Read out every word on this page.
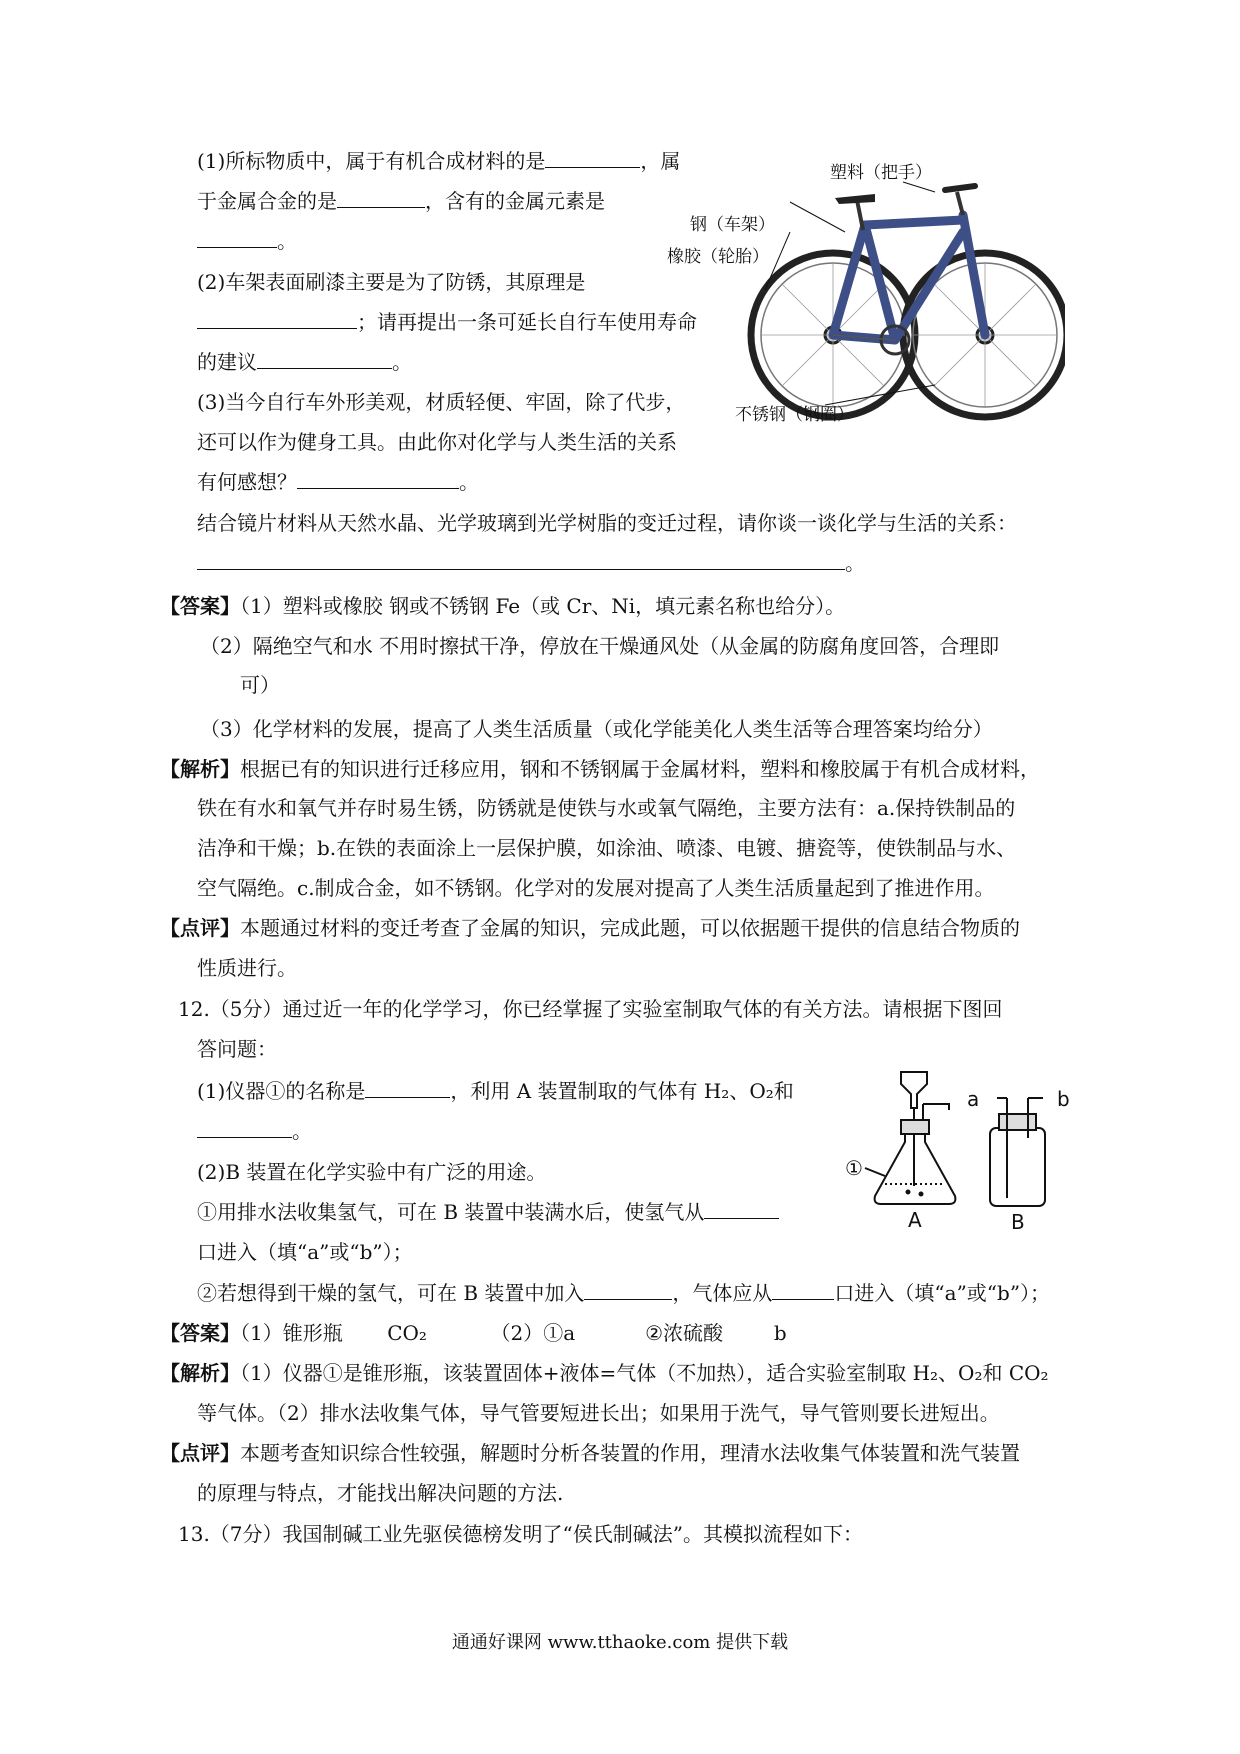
(1)所标物质中，属于有机合成材料的是	，属
于金属合金的是	，含有的金属元素是
。
(2)车架表面刷漆主要是为了防锈，其原理是
；请再提出一条可延长自行车使用寿命
的建议	。
(3)当今自行车外形美观，材质轻便、牢固，除了代步，
还可以作为健身工具。由此你对化学与人类生活的关系
有何感想？	。
结合镜片材料从天然水晶、光学玻璃到光学树脂的变迁过程，请你谈一谈化学与生活的关系：
。
塑料（把手）
钢（车架）
橡胶（轮胎）
不锈钢（钢圈）
【答案】（1）塑料或橡胶 钢或不锈钢 Fe（或 Cr、Ni，填元素名称也给分）。
（2）隔绝空气和水 不用时擦拭干净，停放在干燥通风处（从金属的防腐角度回答，合理即
可）
（3）化学材料的发展，提高了人类生活质量（或化学能美化人类生活等合理答案均给分）
【解析】根据已有的知识进行迁移应用，钢和不锈钢属于金属材料，塑料和橡胶属于有机合成材料，
铁在有水和氧气并存时易生锈，防锈就是使铁与水或氧气隔绝，主要方法有：a.保持铁制品的
洁净和干燥；b.在铁的表面涂上一层保护膜，如涂油、喷漆、电镀、搪瓷等，使铁制品与水、
空气隔绝。c.制成合金，如不锈钢。化学对的发展对提高了人类生活质量起到了推进作用。
【点评】本题通过材料的变迁考查了金属的知识，完成此题，可以依据题干提供的信息结合物质的
性质进行。
12.（5分）通过近一年的化学学习，你已经掌握了实验室制取气体的有关方法。请根据下图回
答问题：
(1)仪器①的名称是	，利用 A 装置制取的气体有 H₂、O₂和
。
(2)B 装置在化学实验中有广泛的用途。
①用排水法收集氢气，可在 B 装置中装满水后，使氢气从
口进入（填“a”或“b”）；
②若想得到干燥的氢气，可在 B 装置中加入	，气体应从	口进入（填“a”或“b”）；
①
a	b
A	B
【答案】（1）锥形瓶       CO₂          （2）①a           ②浓硫酸        b
【解析】（1）仪器①是锥形瓶，该装置固体+液体=气体（不加热），适合实验室制取 H₂、O₂和 CO₂
等气体。（2）排水法收集气体，导气管要短进长出；如果用于洗气，导气管则要长进短出。
【点评】本题考查知识综合性较强，解题时分析各装置的作用，理清水法收集气体装置和洗气装置
的原理与特点，才能找出解决问题的方法.
13.（7分）我国制碱工业先驱侯德榜发明了“侯氏制碱法”。其模拟流程如下：
通通好课网 www.tthaoke.com 提供下载
